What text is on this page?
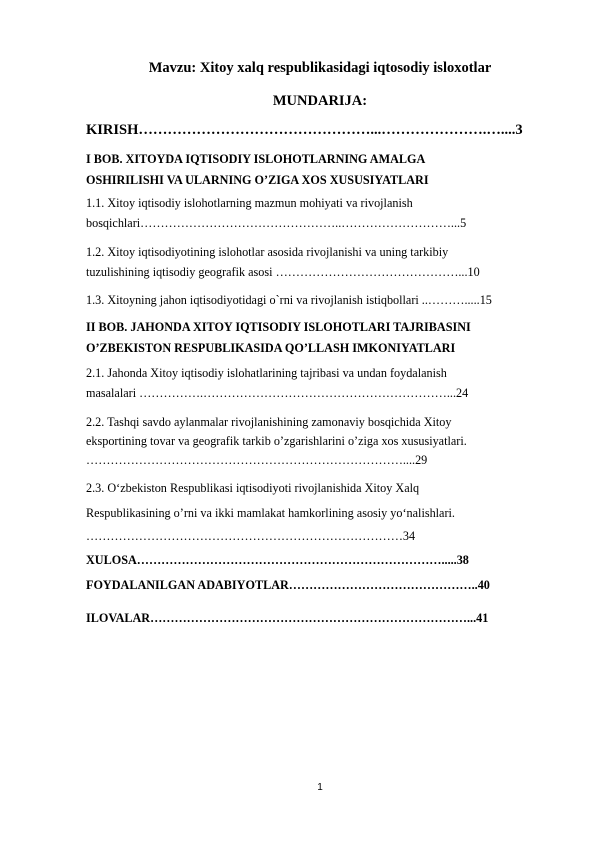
Mavzu: Xitoy xalq respublikasidagi iqtosodiy isloxotlar
MUNDARIJA:
KIRISH…………………………………………...………………….…....3
I BOB. XITOYDA IQTISODIY ISLOHOTLARNING AMALGA
OSHIRILISHI VA ULARNING O’ZIGA XOS XUSUSIYATLARI
1.1. Xitoy iqtisodiy islohotlarning mazmun mohiyati va rivojlanish
bosqichlari…………………………………………..………………………...5
1.2. Xitoy iqtisodiyotining islohotlar asosida rivojlanishi va uning tarkibiy
tuzulishining iqtisodiy geografik asosi ………………………………………...10
1.3. Xitoyning jahon iqtisodiyotidagi o`rni va rivojlanish istiqbollari ..……….....15
II BOB. JAHONDA XITOY IQTISODIY ISLOHOTLARI TAJRIBASINI
O’ZBEKISTON RESPUBLIKASIDA QO’LLASH IMKONIYATLARI
2.1. Jahonda Xitoy iqtisodiy islohatlarining tajribasi va undan foydalanish
masalalari …………….……………………………………………………...24
2.2. Tashqi savdo aylanmalar rivojlanishining zamonaviy bosqichida Xitoy
eksportining tovar va geografik tarkib o’zgarishlarini o’ziga xos xususiyatlari.
……………………………………………………………………....29
2.3. O‘zbekiston Respublikasi iqtisodiyoti rivojlanishida Xitoy Xalq
Respublikasining o’rni va ikki mamlakat hamkorlining asosiy yo‘nalishlari.
……………………………………………………………………34
XULOSA………………………………………………………………….....38
FOYDALANILGAN ADABIYOTLAR………………………………………..40
ILOVALAR……………………………………………………………………...41
1
